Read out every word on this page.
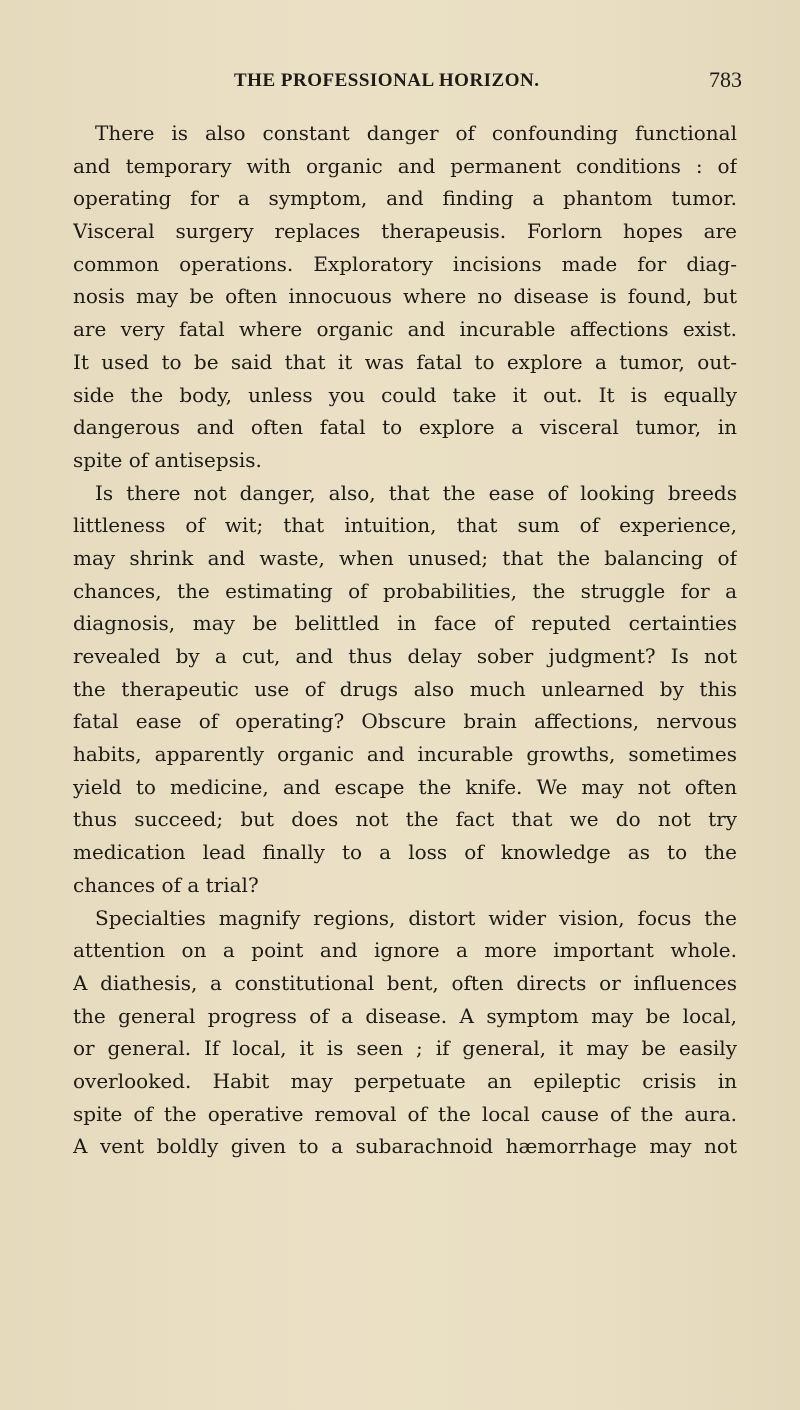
THE PROFESSIONAL HORIZON.	783
There is also constant danger of confounding functional
and temporary with organic and permanent conditions : of
operating for a symptom, and finding a phantom tumor.
Visceral surgery replaces therapeusis. Forlorn hopes are
common operations. Exploratory incisions made for diag-
nosis may be often innocuous where no disease is found, but
are very fatal where organic and incurable affections exist.
It used to be said that it was fatal to explore a tumor, out-
side the body, unless you could take it out. It is equally
dangerous and often fatal to explore a visceral tumor, in
spite of antisepsis.
Is there not danger, also, that the ease of looking breeds
littleness of wit; that intuition, that sum of experience,
may shrink and waste, when unused; that the balancing of
chances, the estimating of probabilities, the struggle for a
diagnosis, may be belittled in face of reputed certainties
revealed by a cut, and thus delay sober judgment? Is not
the therapeutic use of drugs also much unlearned by this
fatal ease of operating? Obscure brain affections, nervous
habits, apparently organic and incurable growths, sometimes
yield to medicine, and escape the knife. We may not often
thus succeed; but does not the fact that we do not try
medication lead finally to a loss of knowledge as to the
chances of a trial?
Specialties magnify regions, distort wider vision, focus the
attention on a point and ignore a more important whole.
A diathesis, a constitutional bent, often directs or influences
the general progress of a disease. A symptom may be local,
or general. If local, it is seen ; if general, it may be easily
overlooked. Habit may perpetuate an epileptic crisis in
spite of the operative removal of the local cause of the aura.
A vent boldly given to a subarachnoid hæmorrhage may not
